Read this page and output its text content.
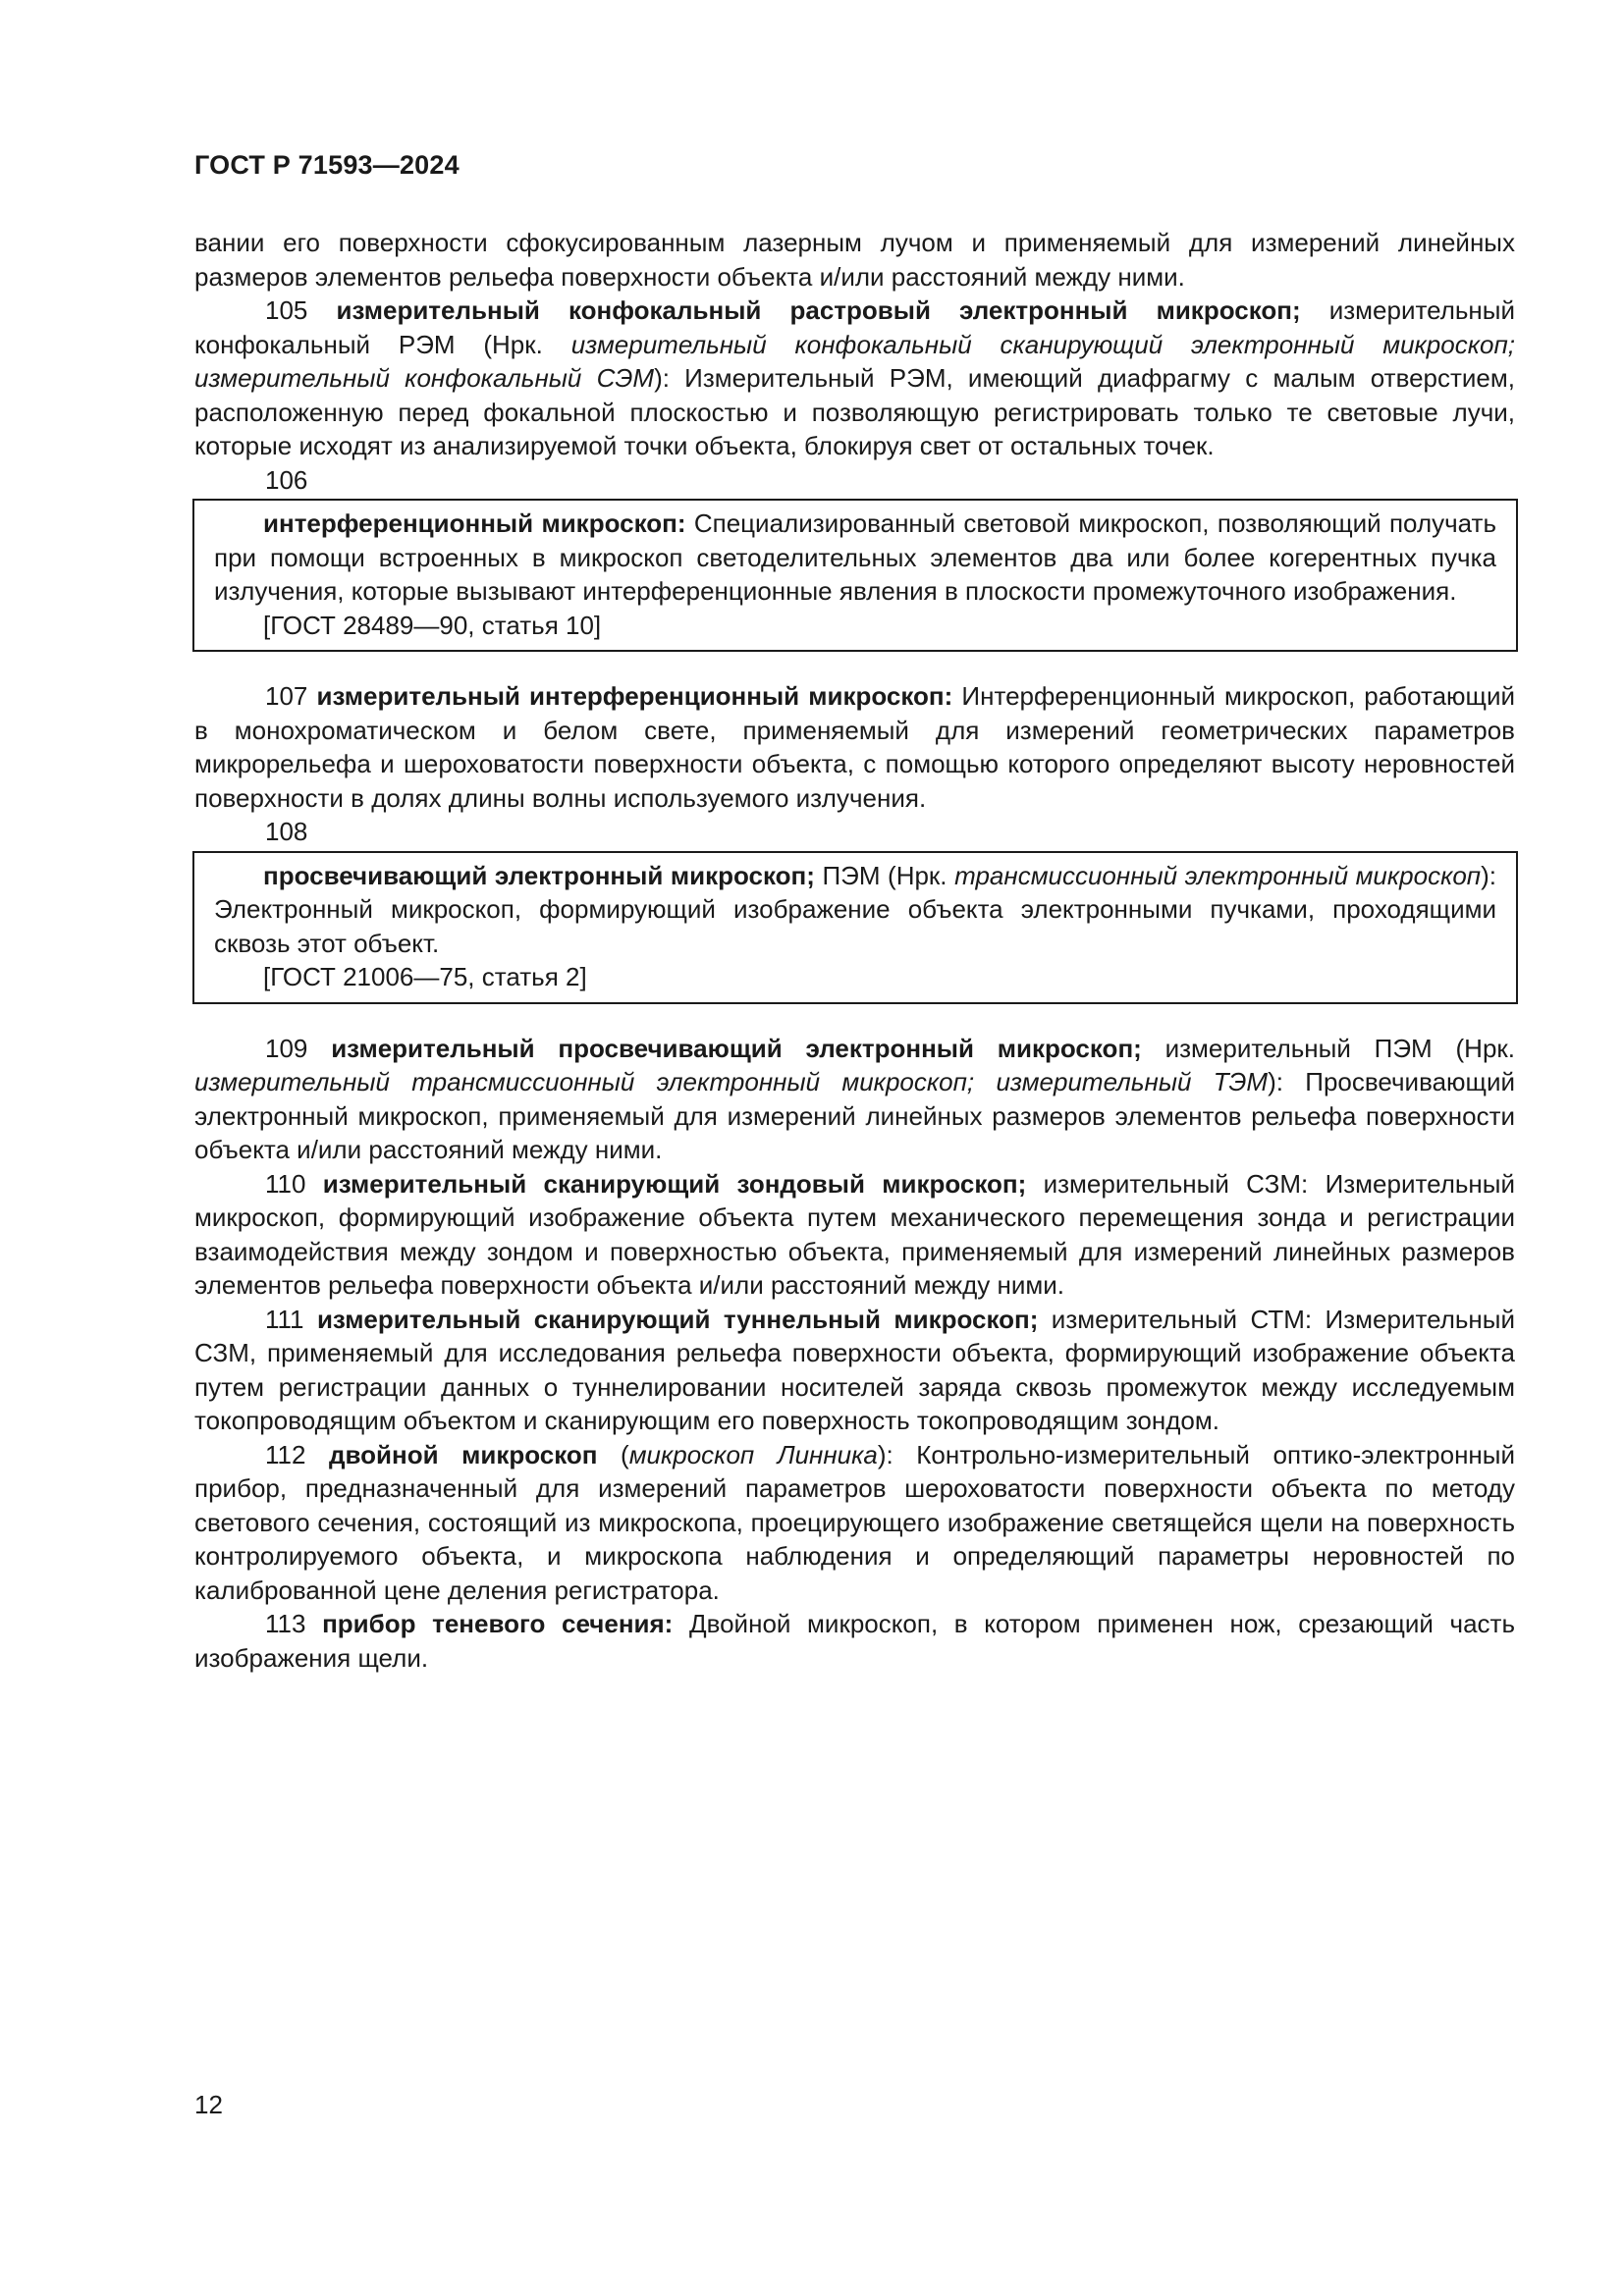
ГОСТ Р 71593—2024

вании его поверхности сфокусированным лазерным лучом и применяемый для измерений линейных размеров элементов рельефа поверхности объекта и/или расстояний между ними.

105 измерительный конфокальный растровый электронный микроскоп; измерительный конфокальный РЭМ (Нрк. измерительный конфокальный сканирующий электронный микроскоп; измерительный конфокальный СЭМ): Измерительный РЭМ, имеющий диафрагму с малым отверстием, расположенную перед фокальной плоскостью и позволяющую регистрировать только те световые лучи, которые исходят из анализируемой точки объекта, блокируя свет от остальных точек.

106

интерференционный микроскоп: Специализированный световой микроскоп, позволяющий получать при помощи встроенных в микроскоп светоделительных элементов два или более когерентных пучка излучения, которые вызывают интерференционные явления в плоскости промежуточного изображения.

[ГОСТ 28489—90, статья 10]

107 измерительный интерференционный микроскоп: Интерференционный микроскоп, работающий в монохроматическом и белом свете, применяемый для измерений геометрических параметров микрорельефа и шероховатости поверхности объекта, с помощью которого определяют высоту неровностей поверхности в долях длины волны используемого излучения.

108

просвечивающий электронный микроскоп; ПЭМ (Нрк. трансмиссионный электронный микроскоп): Электронный микроскоп, формирующий изображение объекта электронными пучками, проходящими сквозь этот объект.

[ГОСТ 21006—75, статья 2]

109 измерительный просвечивающий электронный микроскоп; измерительный ПЭМ (Нрк. измерительный трансмиссионный электронный микроскоп; измерительный ТЭМ): Просвечивающий электронный микроскоп, применяемый для измерений линейных размеров элементов рельефа поверхности объекта и/или расстояний между ними.

110 измерительный сканирующий зондовый микроскоп; измерительный СЗМ: Измерительный микроскоп, формирующий изображение объекта путем механического перемещения зонда и регистрации взаимодействия между зондом и поверхностью объекта, применяемый для измерений линейных размеров элементов рельефа поверхности объекта и/или расстояний между ними.

111 измерительный сканирующий туннельный микроскоп; измерительный СТМ: Измерительный СЗМ, применяемый для исследования рельефа поверхности объекта, формирующий изображение объекта путем регистрации данных о туннелировании носителей заряда сквозь промежуток между исследуемым токопроводящим объектом и сканирующим его поверхность токопроводящим зондом.

112 двойной микроскоп (микроскоп Линника): Контрольно-измерительный оптико-электронный прибор, предназначенный для измерений параметров шероховатости поверхности объекта по методу светового сечения, состоящий из микроскопа, проецирующего изображение светящейся щели на поверхность контролируемого объекта, и микроскопа наблюдения и определяющий параметры неровностей по калиброванной цене деления регистратора.

113 прибор теневого сечения: Двойной микроскоп, в котором применен нож, срезающий часть изображения щели.

12
